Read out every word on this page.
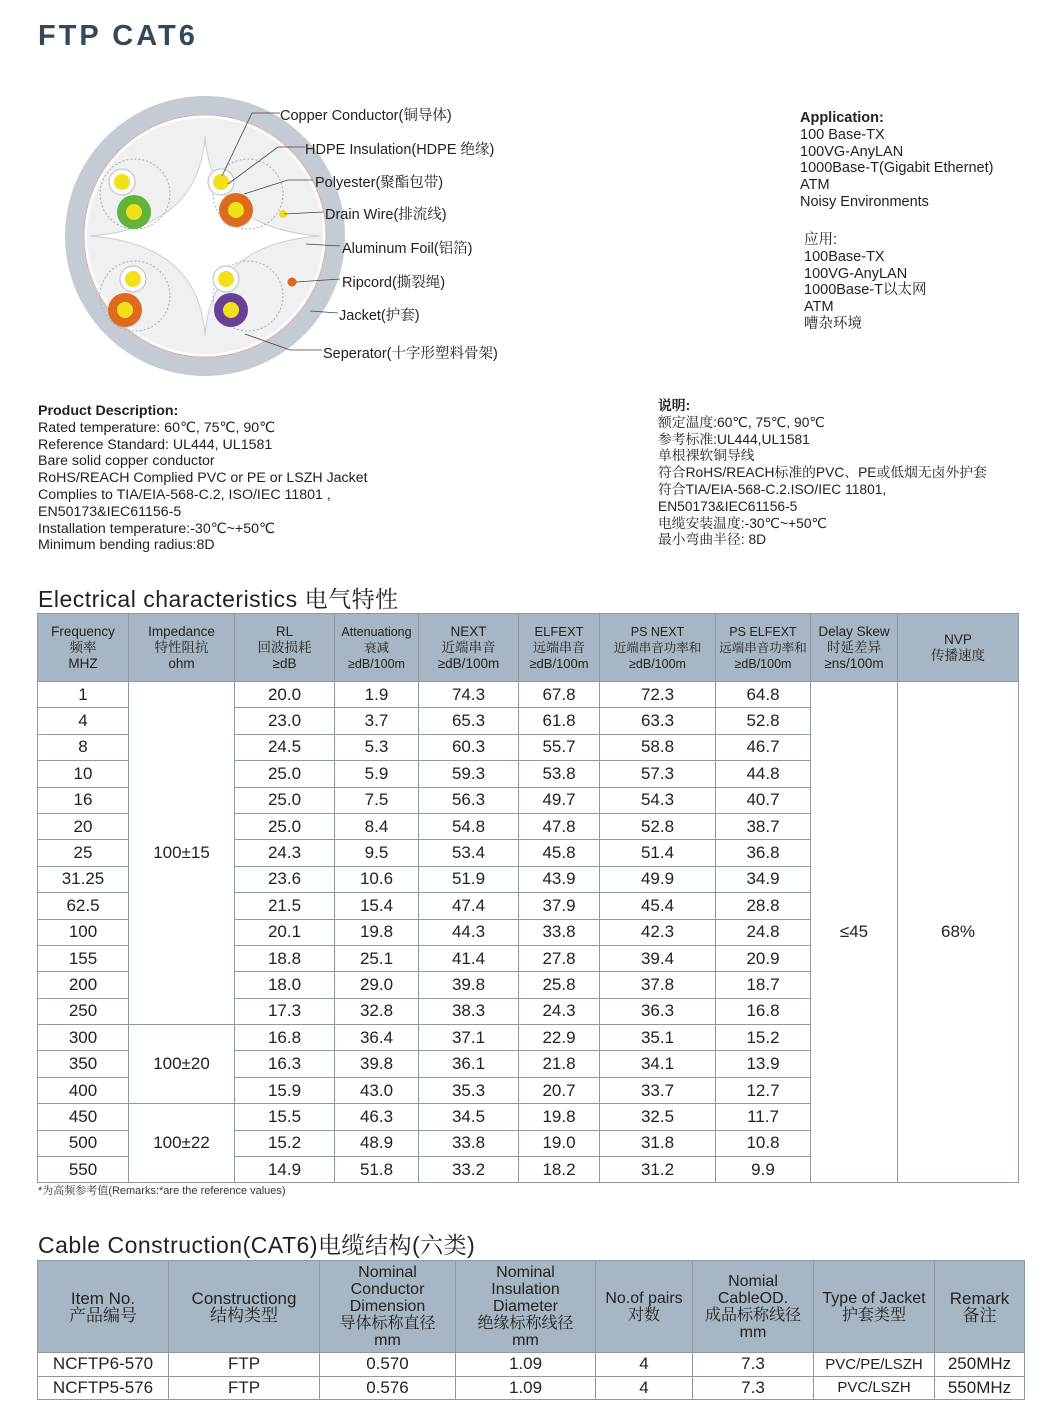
FTP CAT6
Copper Conductor(铜导体)
HDPE Insulation(HDPE 绝缘)
Polyester(聚酯包带)
Drain Wire(排流线)
Aluminum Foil(铝箔)
Ripcord(撕裂绳)
Jacket(护套)
Seperator(十字形塑料骨架)
Application:
100 Base-TX
100VG-AnyLAN
1000Base-T(Gigabit Ethernet)
ATM
Noisy Environments
应用:
100Base-TX
100VG-AnyLAN
1000Base-T以太网
ATM
嘈杂环境
Product Description:
Rated temperature: 60℃, 75℃, 90℃
Reference Standard: UL444, UL1581
Bare solid copper conductor
RoHS/REACH Complied PVC or PE or LSZH Jacket
Complies to TIA/EIA-568-C.2, ISO/IEC 11801 ,
EN50173&IEC61156-5
Installation temperature:-30℃~+50℃
Minimum bending radius:8D
说明:
额定温度:60℃, 75℃, 90℃
参考标准:UL444,UL1581
单根裸软铜导线
符合RoHS/REACH标准的PVC、PE或低烟无卤外护套
符合TIA/EIA-568-C.2.ISO/IEC 11801,
EN50173&IEC61156-5
电缆安装温度:-30℃~+50℃
最小弯曲半径: 8D
Electrical characteristics 电气特性
Frequency
频率
MHZ	Impedance
特性阻抗
ohm	RL
回波损耗
≥dB	Attenuationg
衰减
≥dB/100m	NEXT
近端串音
≥dB/100m	ELFEXT
远端串音
≥dB/100m	PS NEXT
近端串音功率和
≥dB/100m	PS ELFEXT
远端串音功率和
≥dB/100m	Delay Skew
时延差异
≥ns/100m	NVP
传播速度

1	100±15	20.0	1.9	74.3	67.8	72.3	64.8	≤45	68%
4		23.0	3.7	65.3	61.8	63.3	52.8		
8		24.5	5.3	60.3	55.7	58.8	46.7		
10		25.0	5.9	59.3	53.8	57.3	44.8		
16		25.0	7.5	56.3	49.7	54.3	40.7		
20		25.0	8.4	54.8	47.8	52.8	38.7		
25		24.3	9.5	53.4	45.8	51.4	36.8		
31.25		23.6	10.6	51.9	43.9	49.9	34.9		
62.5		21.5	15.4	47.4	37.9	45.4	28.8		
100		20.1	19.8	44.3	33.8	42.3	24.8		
155		18.8	25.1	41.4	27.8	39.4	20.9		
200		18.0	29.0	39.8	25.8	37.8	18.7		
250		17.3	32.8	38.3	24.3	36.3	16.8		
300	100±20	16.8	36.4	37.1	22.9	35.1	15.2		
350		16.3	39.8	36.1	21.8	34.1	13.9		
400		15.9	43.0	35.3	20.7	33.7	12.7		
450	100±22	15.5	46.3	34.5	19.8	32.5	11.7		
500		15.2	48.9	33.8	19.0	31.8	10.8		
550		14.9	51.8	33.2	18.2	31.2	9.9		
*为高频参考值(Remarks:*are the reference values)
Cable Construction(CAT6)电缆结构(六类)
Item No.
产品编号	Constructiong
结构类型	Nominal
Conductor
Dimension
导体标称直径
mm	Nominal
Insulation
Diameter
绝缘标称线径
mm	No.of pairs
对数	Nomial
CableOD.
成品标称线径
mm	Type of Jacket
护套类型	Remark
备注

NCFTP6-570	FTP	0.570	1.09	4	7.3	PVC/PE/LSZH	250MHz
NCFTP5-576	FTP	0.576	1.09	4	7.3	PVC/LSZH	550MHz
